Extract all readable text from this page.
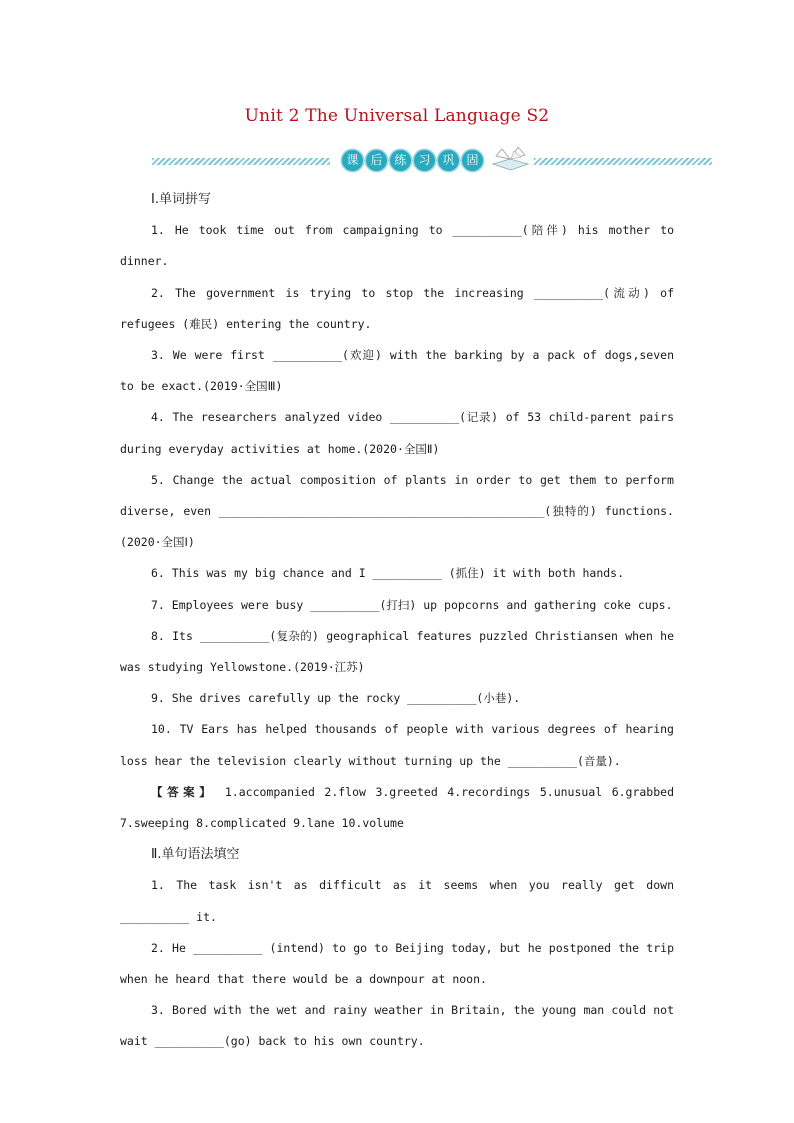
Unit 2 The Universal Language S2
课 后 练 习 巩 固

Ⅰ.单词拼写

1. He took time out from campaigning to __________(陪伴) his mother to dinner.

2. The government is trying to stop the increasing __________(流动) of refugees (难民) entering the country.

3. We were first __________(欢迎) with the barking by a pack of dogs,seven to be exact.(2019·全国Ⅲ)

4. The researchers analyzed video __________(记录) of 53 child-parent pairs during everyday activities at home.(2020·全国Ⅱ)

5. Change the actual composition of plants in order to get them to perform diverse, even _______________________________________________(独特的) functions. (2020·全国Ⅰ)

6. This was my big chance and I __________ (抓住) it with both hands.

7. Employees were busy __________(打扫) up popcorns and gathering coke cups.

8. Its __________(复杂的) geographical features puzzled Christiansen when he was studying Yellowstone.(2019·江苏)

9. She drives carefully up the rocky __________(小巷).

10. TV Ears has helped thousands of people with various degrees of hearing loss hear the television clearly without turning up the __________(音量).

【答案】 1.accompanied 2.flow 3.greeted 4.recordings 5.unusual 6.grabbed 7.sweeping 8.complicated 9.lane 10.volume

Ⅱ.单句语法填空

1. The task isn't as difficult as it seems when you really get down __________ it.

2. He __________ (intend) to go to Beijing today, but he postponed the trip when he heard that there would be a downpour at noon.

3. Bored with the wet and rainy weather in Britain, the young man could not wait __________(go) back to his own country.
